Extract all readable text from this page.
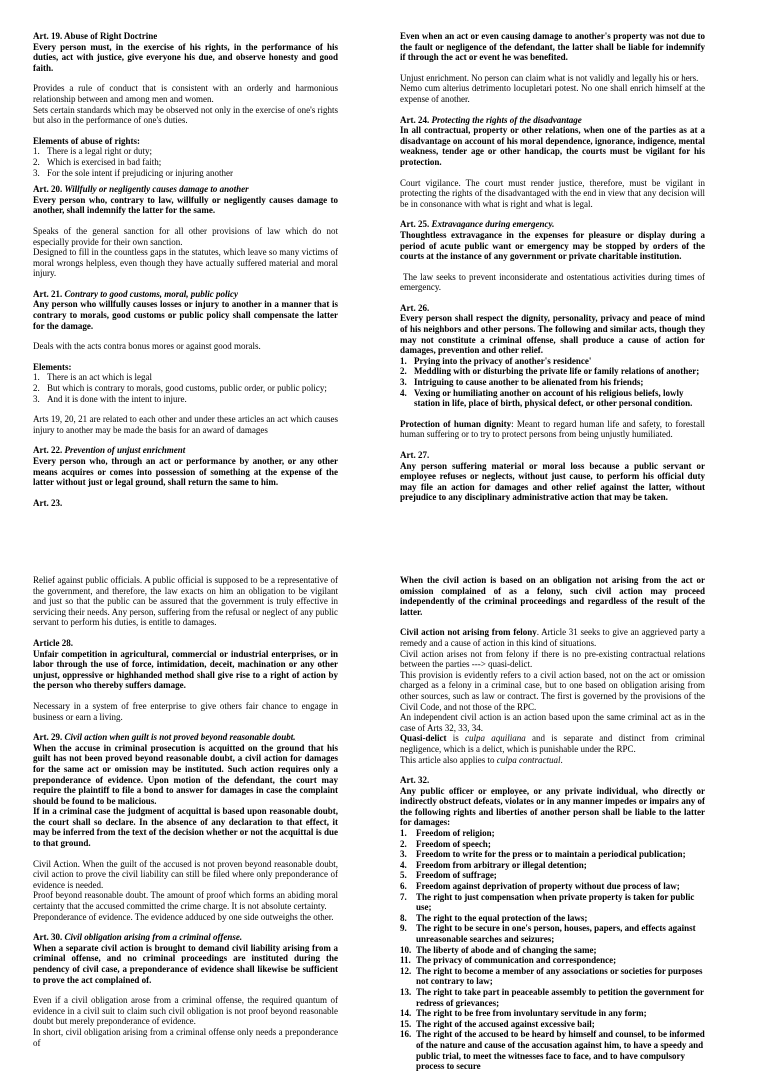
Art. 19. Abuse of Right Doctrine

Every person must, in the exercise of his rights, in the performance of his duties, act with justice, give everyone his due, and observe honesty and good faith.

Provides a rule of conduct that is consistent with an orderly and harmonious relationship between and among men and women.

Sets certain standards which may be observed not only in the exercise of one's rights but also in the performance of one's duties.

Elements of abuse of rights:

1. There is a legal right or duty;
2. Which is exercised in bad faith;
3. For the sole intent if prejudicing or injuring another

Art. 20. Willfully or negligently causes damage to another

Every person who, contrary to law, willfully or negligently causes damage to another, shall indemnify the latter for the same.

Speaks of the general sanction for all other provisions of law which do not especially provide for their own sanction.

Designed to fill in the countless gaps in the statutes, which leave so many victims of moral wrongs helpless, even though they have actually suffered material and moral injury.

Art. 21. Contrary to good customs, moral, public policy

Any person who willfully causes losses or injury to another in a manner that is contrary to morals, good customs or public policy shall compensate the latter for the damage.

Deals with the acts contra bonus mores or against good morals.

Elements:

1. There is an act which is legal
2. But which is contrary to morals, good customs, public order, or public policy;
3. And it is done with the intent to injure.

Arts 19, 20, 21 are related to each other and under these articles an act which causes injury to another may be made the basis for an award of damages

Art. 22. Prevention of unjust enrichment

Every person who, through an act or performance by another, or any other means acquires or comes into possession of something at the expense of the latter without just or legal ground, shall return the same to him.

Art. 23.

Even when an act or even causing damage to another's property was not due to the fault or negligence of the defendant, the latter shall be liable for indemnify if through the act or event he was benefited.

Unjust enrichment. No person can claim what is not validly and legally his or hers.

Nemo cum alterius detrimento locupletari potest. No one shall enrich himself at the expense of another.

Art. 24. Protecting the rights of the disadvantage

In all contractual, property or other relations, when one of the parties as at a disadvantage on account of his moral dependence, ignorance, indigence, mental weakness, tender age or other handicap, the courts must be vigilant for his protection.

Court vigilance. The court must render justice, therefore, must be vigilant in protecting the rights of the disadvantaged with the end in view that any decision will be in consonance with what is right and what is legal.

Art. 25. Extravagance during emergency.

Thoughtless extravagance in the expenses for pleasure or display during a period of acute public want or emergency may be stopped by orders of the courts at the instance of any government or private charitable institution.

The law seeks to prevent inconsiderate and ostentatious activities during times of emergency.

Art. 26.

Every person shall respect the dignity, personality, privacy and peace of mind of his neighbors and other persons. The following and similar acts, though they may not constitute a criminal offense, shall produce a cause of action for damages, prevention and other relief.

1. Prying into the privacy of another's residence'
2. Meddling with or disturbing the private life or family relations of another;
3. Intriguing to cause another to be alienated from his friends;
4. Vexing or humiliating another on account of his religious beliefs, lowly station in life, place of birth, physical defect, or other personal condition.

Protection of human dignity: Meant to regard human life and safety, to forestall human suffering or to try to protect persons from being unjustly humiliated.

Art. 27.

Any person suffering material or moral loss because a public servant or employee refuses or neglects, without just cause, to perform his official duty may file an action for damages and other relief against the latter, without prejudice to any disciplinary administrative action that may be taken.

Relief against public officials. A public official is supposed to be a representative of the government, and therefore, the law exacts on him an obligation to be vigilant and just so that the public can be assured that the government is truly effective in servicing their needs. Any person, suffering from the refusal or neglect of any public servant to perform his duties, is entitle to damages.

Article 28.

Unfair competition in agricultural, commercial or industrial enterprises, or in labor through the use of force, intimidation, deceit, machination or any other unjust, oppressive or highhanded method shall give rise to a right of action by the person who thereby suffers damage.

Necessary in a system of free enterprise to give others fair chance to engage in business or earn a living.

Art. 29. Civil action when guilt is not proved beyond reasonable doubt.

When the accuse in criminal prosecution is acquitted on the ground that his guilt has not been proved beyond reasonable doubt, a civil action for damages for the same act or omission may be instituted. Such action requires only a preponderance of evidence. Upon motion of the defendant, the court may require the plaintiff to file a bond to answer for damages in case the complaint should be found to be malicious.

If in a criminal case the judgment of acquittal is based upon reasonable doubt, the court shall so declare. In the absence of any declaration to that effect, it may be inferred from the text of the decision whether or not the acquittal is due to that ground.

Civil Action. When the guilt of the accused is not proven beyond reasonable doubt, civil action to prove the civil liability can still be filed where only preponderance of evidence is needed.

Proof beyond reasonable doubt. The amount of proof which forms an abiding moral certainty that the accused committed the crime charge. It is not absolute certainty.

Preponderance of evidence. The evidence adduced by one side outweighs the other.

Art. 30. Civil obligation arising from a criminal offense.

When a separate civil action is brought to demand civil liability arising from a criminal offense, and no criminal proceedings are instituted during the pendency of civil case, a preponderance of evidence shall likewise be sufficient to prove the act complained of.

Even if a civil obligation arose from a criminal offense, the required quantum of evidence in a civil suit to claim such civil obligation is not proof beyond reasonable doubt but merely preponderance of evidence.

In short, civil obligation arising from a criminal offense only needs a preponderance of

When the civil action is based on an obligation not arising from the act or omission complained of as a felony, such civil action may proceed independently of the criminal proceedings and regardless of the result of the latter.

Civil action not arising from felony. Article 31 seeks to give an aggrieved party a remedy and a cause of action in this kind of situations.

Civil action arises not from felony if there is no pre-existing contractual relations between the parties ---> quasi-delict.

This provision is evidently refers to a civil action based, not on the act or omission charged as a felony in a criminal case, but to one based on obligation arising from other sources, such as law or contract. The first is governed by the provisions of the Civil Code, and not those of the RPC.

An independent civil action is an action based upon the same criminal act as in the case of Arts 32, 33, 34.

Quasi-delict is culpa aquiliana and is separate and distinct from criminal negligence, which is a delict, which is punishable under the RPC.

This article also applies to culpa contractual.

Art. 32.

Any public officer or employee, or any private individual, who directly or indirectly obstruct defeats, violates or in any manner impedes or impairs any of the following rights and liberties of another person shall be liable to the latter for damages:

1.	Freedom of religion;
2.	Freedom of speech;
3.	Freedom to write for the press or to maintain a periodical publication;
4.	Freedom from arbitrary or illegal detention;
5.	Freedom of suffrage;
6.	Freedom against deprivation of property without due process of law;
7.	The right to just compensation when private property is taken for public use;
8.	The right to the equal protection of the laws;
9.	The right to be secure in one's person, houses, papers, and effects against unreasonable searches and seizures;
10. The liberty of abode and of changing the same;
11. The privacy of communication and correspondence;
12. The right to become a member of any associations or societies for purposes not contrary to law;
13. The right to take part in peaceable assembly to petition the government for redress of grievances;
14. The right to be free from involuntary servitude in any form;
15. The right of the accused against excessive bail;
16. The right of the accused to be heard by himself and counsel, to be informed of the nature and cause of the accusation against him, to have a speedy and public trial, to meet the witnesses face to face, and to have compulsory process to secure
